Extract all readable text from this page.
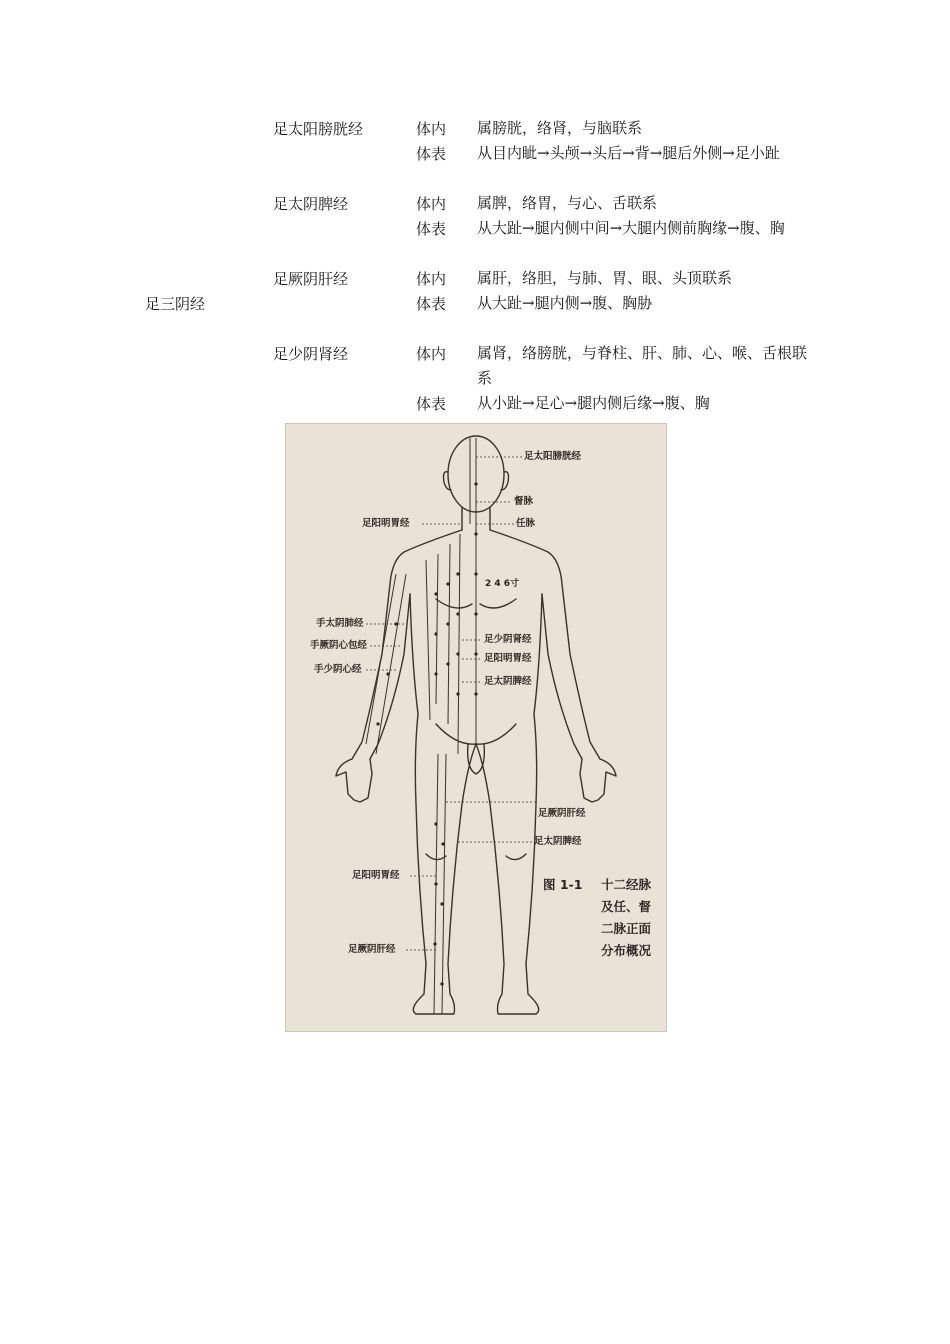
足三阴经
足太阳膀胱经	体内 属膀胱，络肾，与脑联系
体表 从目内眦→头颅→头后→背→腿后外侧→足小趾
足太阴脾经	体内 属脾，络胃，与心、舌联系
体表 从大趾→腿内侧中间→大腿内侧前胸缘→腹、胸
足厥阴肝经	体内 属肝，络胆，与肺、胃、眼、头顶联系
体表 从大趾→腿内侧→腹、胸胁
足少阴肾经	体内 属肾，络膀胱，与脊柱、肝、肺、心、喉、舌根联系
体表 从小趾→足心→腿内侧后缘→腹、胸
足太阳膀胱经
督脉
任脉
足阳明胃经
手太阴肺经
手厥阴心包经
手少阴心经
足少阴肾经
足阳明胃经
足太阴脾经
足厥阴肝经
足太阴脾经
足阳明胃经
足厥阴肝经
2 4 6寸
图 1-1 十二经脉
及任、督
二脉正面
分布概况
